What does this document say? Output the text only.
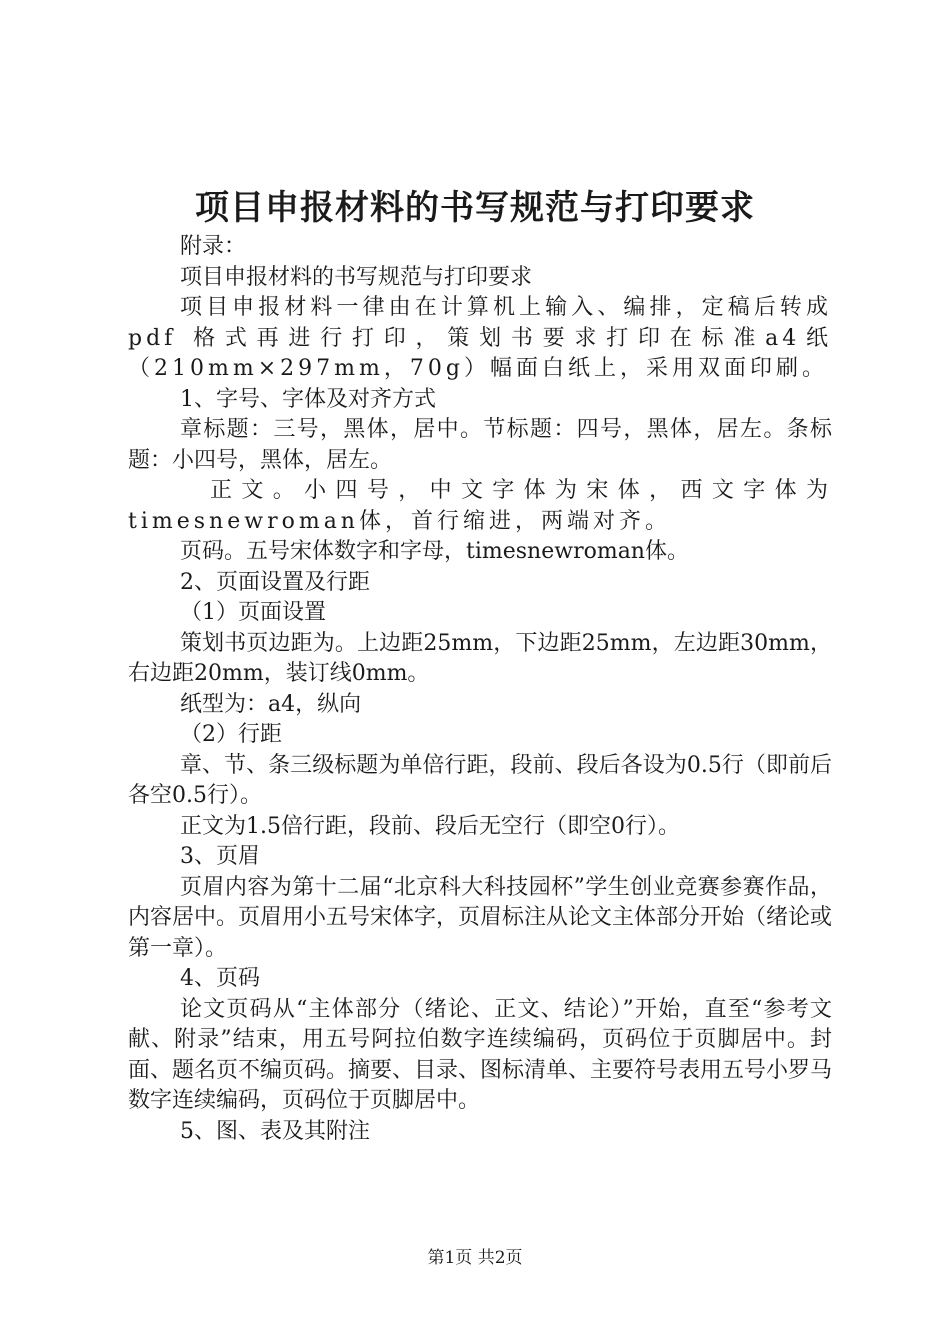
项目申报材料的书写规范与打印要求

附录：

项目申报材料的书写规范与打印要求

项目申报材料一律由在计算机上输入、编排，定稿后转成pdf 格式再进行打印，策划书要求打印在标准a4纸（210mm×297mm，70g）幅面白纸上，采用双面印刷。

1、字号、字体及对齐方式

章标题：三号，黑体，居中。节标题：四号，黑体，居左。条标题：小四号，黑体，居左。

正文。小四号，中文字体为宋体，西文字体为timesnewroman体，首行缩进，两端对齐。

页码。五号宋体数字和字母，timesnewroman体。

2、页面设置及行距

（1）页面设置

策划书页边距为。上边距25mm，下边距25mm，左边距30mm，右边距20mm，装订线0mm。

纸型为：a4，纵向

（2）行距

章、节、条三级标题为单倍行距，段前、段后各设为0.5行（即前后各空0.5行）。

正文为1.5倍行距，段前、段后无空行（即空0行）。

3、页眉

页眉内容为第十二届“北京科大科技园杯”学生创业竞赛参赛作品，内容居中。页眉用小五号宋体字，页眉标注从论文主体部分开始（绪论或第一章）。

4、页码

论文页码从“主体部分（绪论、正文、结论）”开始，直至“参考文献、附录”结束，用五号阿拉伯数字连续编码，页码位于页脚居中。封面、题名页不编页码。摘要、目录、图标清单、主要符号表用五号小罗马数字连续编码，页码位于页脚居中。

5、图、表及其附注

第1页 共2页
